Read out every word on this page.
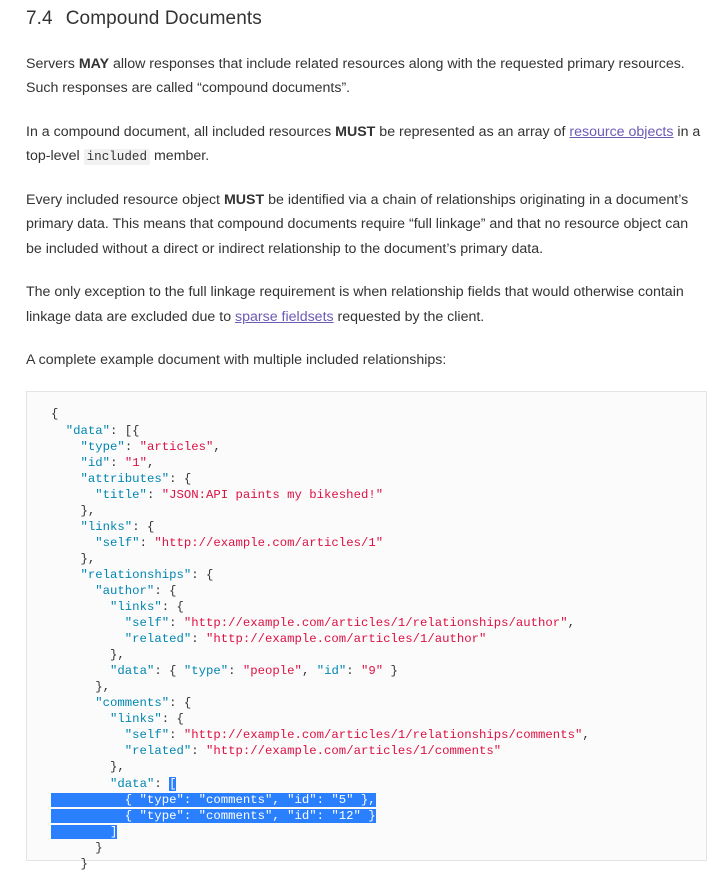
7.4 Compound Documents

Servers MAY allow responses that include related resources along with the requested primary resources. Such responses are called “compound documents”.

In a compound document, all included resources MUST be represented as an array of resource objects in a top-level included member.

Every included resource object MUST be identified via a chain of relationships originating in a document’s primary data. This means that compound documents require “full linkage” and that no resource object can be included without a direct or indirect relationship to the document’s primary data.

The only exception to the full linkage requirement is when relationship fields that would otherwise contain linkage data are excluded due to sparse fieldsets requested by the client.

A complete example document with multiple included relationships:

{
"data": [{
"type": "articles",
"id": "1",
"attributes": {
"title": "JSON:API paints my bikeshed!"
},
"links": {
"self": "http://example.com/articles/1"
},
"relationships": {
"author": {
"links": {
"self": "http://example.com/articles/1/relationships/author",
"related": "http://example.com/articles/1/author"
},
"data": { "type": "people", "id": "9" }
},
"comments": {
"links": {
"self": "http://example.com/articles/1/relationships/comments",
"related": "http://example.com/articles/1/comments"
},
"data": [
{ "type": "comments", "id": "5" },
{ "type": "comments", "id": "12" }
]
}
}
